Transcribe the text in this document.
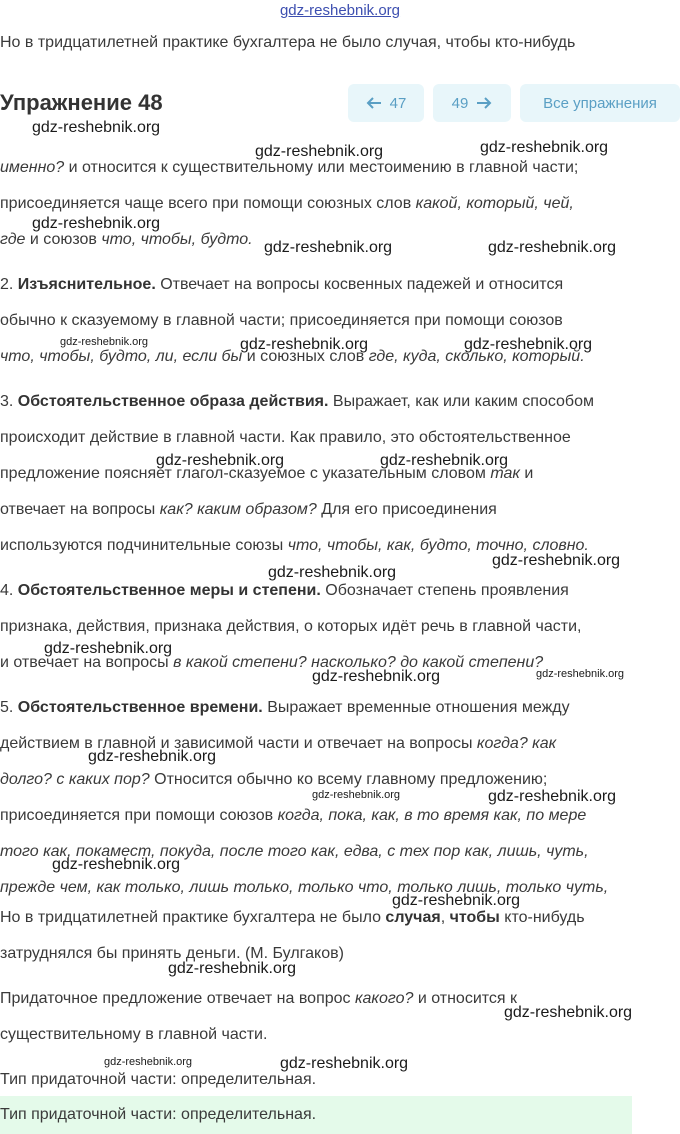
gdz-reshebnik.org
Но в тридцатилетней практике бухгалтера не было случая, чтобы кто-нибудь
Упражнение 48	47	49	Все упражнения
именно? и относится к существительному или местоимению в главной части;
присоединяется чаще всего при помощи союзных слов какой, который, чей,
где и союзов что, чтобы, будто.
2. Изъяснительное. Отвечает на вопросы косвенных падежей и относится
обычно к сказуемому в главной части; присоединяется при помощи союзов
что, чтобы, будто, ли, если бы и союзных слов где, куда, сколько, который.
3. Обстоятельственное образа действия. Выражает, как или каким способом
происходит действие в главной части. Как правило, это обстоятельственное
предложение поясняет глагол-сказуемое с указательным словом так и
отвечает на вопросы как? каким образом? Для его присоединения
используются подчинительные союзы что, чтобы, как, будто, точно, словно.
4. Обстоятельственное меры и степени. Обозначает степень проявления
признака, действия, признака действия, о которых идёт речь в главной части,
и отвечает на вопросы в какой степени? насколько? до какой степени?
5. Обстоятельственное времени. Выражает временные отношения между
действием в главной и зависимой части и отвечает на вопросы когда? как
долго? с каких пор? Относится обычно ко всему главному предложению;
присоединяется при помощи союзов когда, пока, как, в то время как, по мере
того как, покамест, покуда, после того как, едва, с тех пор как, лишь, чуть,
прежде чем, как только, лишь только, только что, только лишь, только чуть,
Но в тридцатилетней практике бухгалтера не было случая, чтобы кто-нибудь
затруднялся бы принять деньги. (М. Булгаков)
Придаточное предложение отвечает на вопрос какого? и относится к
существительному в главной части.
Тип придаточной части: определительная.
Тип придаточной части: определительная.
gdz-reshebnik.org
gdz-reshebnik.org	gdz-reshebnik.org
gdz-reshebnik.org
gdz-reshebnik.org	gdz-reshebnik.org
gdz-reshebnik.org	gdz-reshebnik.org	gdz-reshebnik.org
gdz-reshebnik.org	gdz-reshebnik.org
gdz-reshebnik.org
gdz-reshebnik.org
gdz-reshebnik.org
gdz-reshebnik.org	gdz-reshebnik.org
gdz-reshebnik.org
gdz-reshebnik.org	gdz-reshebnik.org
gdz-reshebnik.org
gdz-reshebnik.org
gdz-reshebnik.org
gdz-reshebnik.org
gdz-reshebnik.org	gdz-reshebnik.org
